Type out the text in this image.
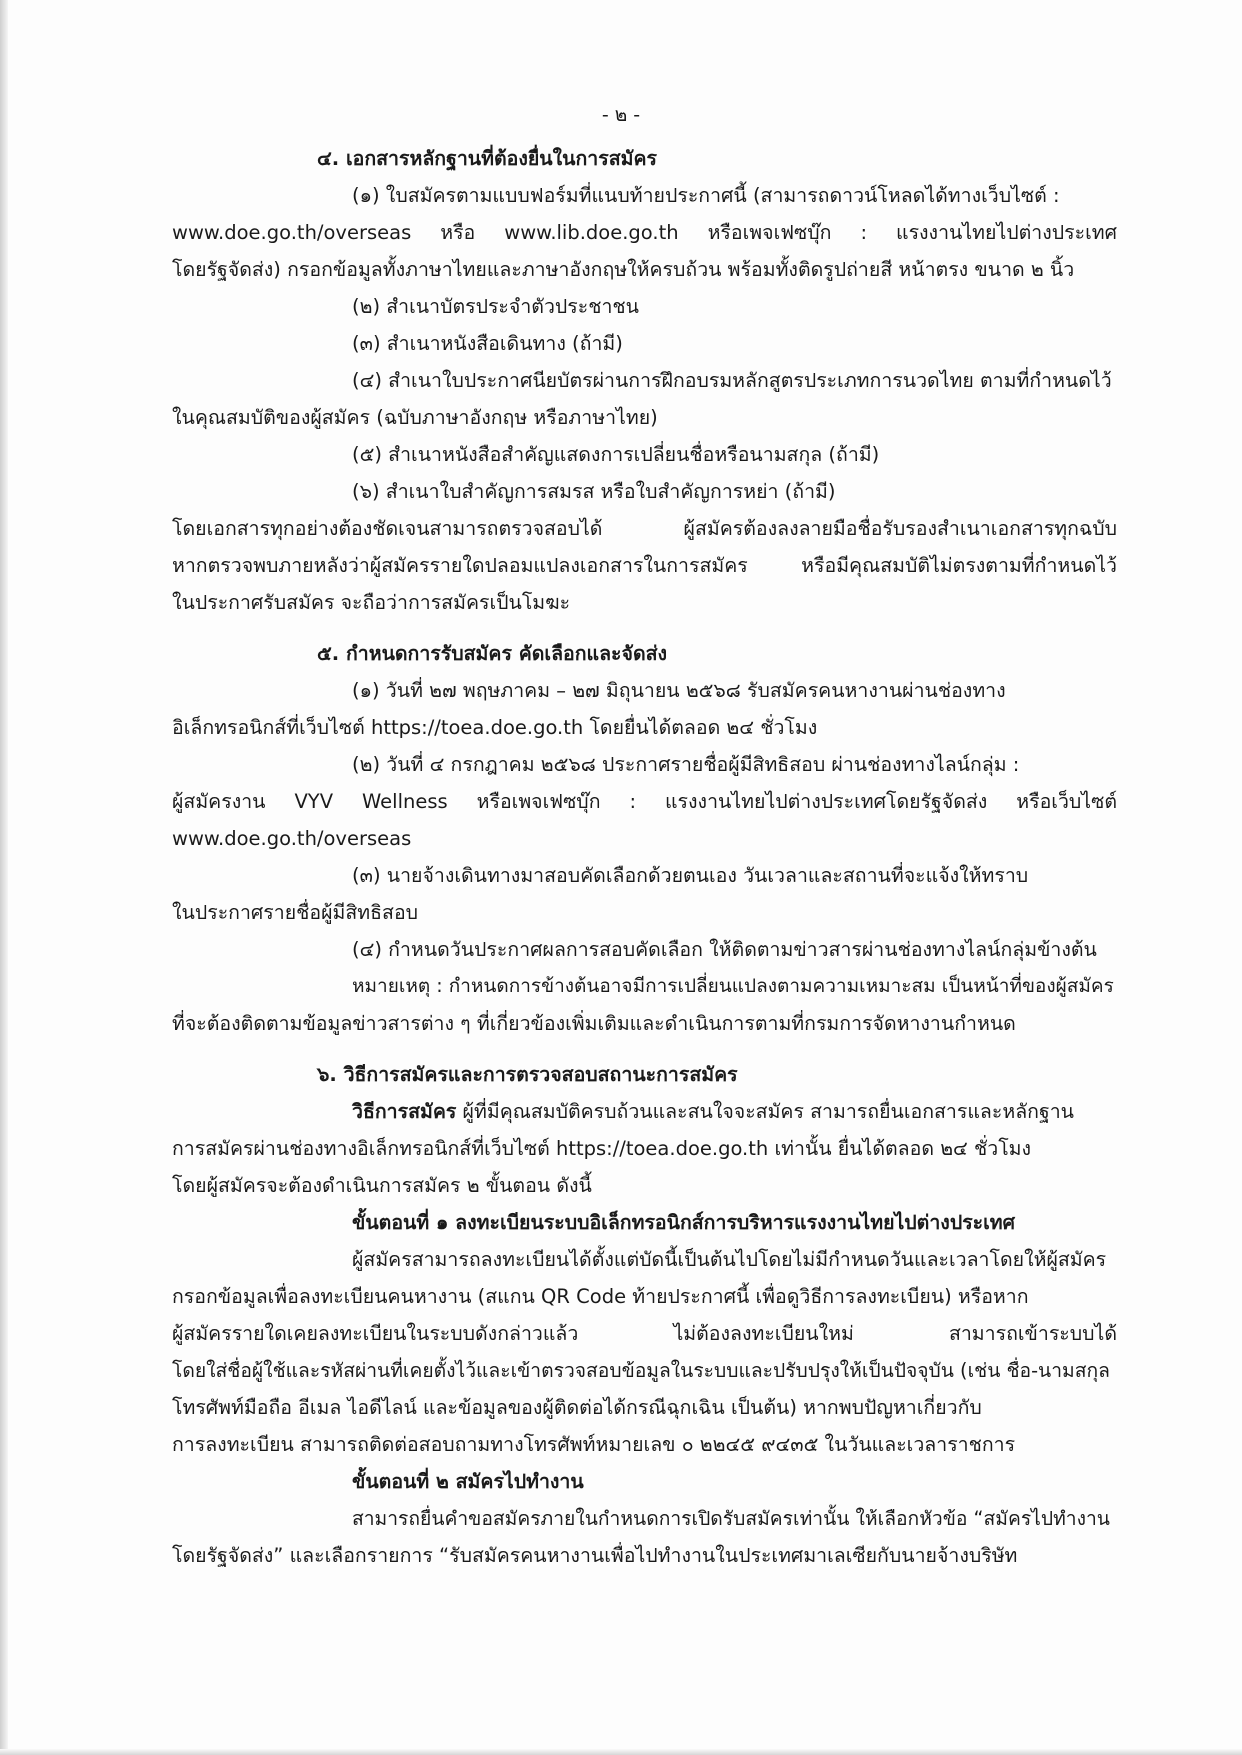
- ๒ -
๔. เอกสารหลักฐานที่ต้องยื่นในการสมัคร
(๑) ใบสมัครตามแบบฟอร์มที่แนบท้ายประกาศนี้ (สามารถดาวน์โหลดได้ทางเว็บไซต์ :
www.doe.go.th/overseas หรือ www.lib.doe.go.th หรือเพจเฟซบุ๊ก : แรงงานไทยไปต่างประเทศ
โดยรัฐจัดส่ง) กรอกข้อมูลทั้งภาษาไทยและภาษาอังกฤษให้ครบถ้วน พร้อมทั้งติดรูปถ่ายสี หน้าตรง ขนาด ๒ นิ้ว
(๒) สำเนาบัตรประจำตัวประชาชน
(๓) สำเนาหนังสือเดินทาง (ถ้ามี)
(๔) สำเนาใบประกาศนียบัตรผ่านการฝึกอบรมหลักสูตรประเภทการนวดไทย ตามที่กำหนดไว้
ในคุณสมบัติของผู้สมัคร (ฉบับภาษาอังกฤษ หรือภาษาไทย)
(๕) สำเนาหนังสือสำคัญแสดงการเปลี่ยนชื่อหรือนามสกุล (ถ้ามี)
(๖) สำเนาใบสำคัญการสมรส หรือใบสำคัญการหย่า (ถ้ามี)
โดยเอกสารทุกอย่างต้องชัดเจนสามารถตรวจสอบได้ ผู้สมัครต้องลงลายมือชื่อรับรองสำเนาเอกสารทุกฉบับ
หากตรวจพบภายหลังว่าผู้สมัครรายใดปลอมแปลงเอกสารในการสมัคร หรือมีคุณสมบัติไม่ตรงตามที่กำหนดไว้
ในประกาศรับสมัคร จะถือว่าการสมัครเป็นโมฆะ
๕. กำหนดการรับสมัคร คัดเลือกและจัดส่ง
(๑) วันที่ ๒๗ พฤษภาคม – ๒๗ มิถุนายน ๒๕๖๘ รับสมัครคนหางานผ่านช่องทาง
อิเล็กทรอนิกส์ที่เว็บไซต์ https://toea.doe.go.th โดยยื่นได้ตลอด ๒๔ ชั่วโมง
(๒) วันที่ ๔ กรกฎาคม ๒๕๖๘ ประกาศรายชื่อผู้มีสิทธิสอบ ผ่านช่องทางไลน์กลุ่ม :
ผู้สมัครงาน VYV Wellness หรือเพจเฟซบุ๊ก : แรงงานไทยไปต่างประเทศโดยรัฐจัดส่ง หรือเว็บไซต์
www.doe.go.th/overseas
(๓) นายจ้างเดินทางมาสอบคัดเลือกด้วยตนเอง วันเวลาและสถานที่จะแจ้งให้ทราบ
ในประกาศรายชื่อผู้มีสิทธิสอบ
(๔) กำหนดวันประกาศผลการสอบคัดเลือก ให้ติดตามข่าวสารผ่านช่องทางไลน์กลุ่มข้างต้น
หมายเหตุ : กำหนดการข้างต้นอาจมีการเปลี่ยนแปลงตามความเหมาะสม เป็นหน้าที่ของผู้สมัคร
ที่จะต้องติดตามข้อมูลข่าวสารต่าง ๆ ที่เกี่ยวข้องเพิ่มเติมและดำเนินการตามที่กรมการจัดหางานกำหนด
๖. วิธีการสมัครและการตรวจสอบสถานะการสมัคร
วิธีการสมัคร ผู้ที่มีคุณสมบัติครบถ้วนและสนใจจะสมัคร สามารถยื่นเอกสารและหลักฐาน
การสมัครผ่านช่องทางอิเล็กทรอนิกส์ที่เว็บไซต์ https://toea.doe.go.th เท่านั้น ยื่นได้ตลอด ๒๔ ชั่วโมง
โดยผู้สมัครจะต้องดำเนินการสมัคร ๒ ขั้นตอน ดังนี้
ขั้นตอนที่ ๑ ลงทะเบียนระบบอิเล็กทรอนิกส์การบริหารแรงงานไทยไปต่างประเทศ
ผู้สมัครสามารถลงทะเบียนได้ตั้งแต่บัดนี้เป็นต้นไปโดยไม่มีกำหนดวันและเวลาโดยให้ผู้สมัคร
กรอกข้อมูลเพื่อลงทะเบียนคนหางาน (สแกน QR Code ท้ายประกาศนี้ เพื่อดูวิธีการลงทะเบียน) หรือหาก
ผู้สมัครรายใดเคยลงทะเบียนในระบบดังกล่าวแล้ว ไม่ต้องลงทะเบียนใหม่ สามารถเข้าระบบได้
โดยใส่ชื่อผู้ใช้และรหัสผ่านที่เคยตั้งไว้และเข้าตรวจสอบข้อมูลในระบบและปรับปรุงให้เป็นปัจจุบัน (เช่น ชื่อ-นามสกุล
โทรศัพท์มือถือ อีเมล ไอดีไลน์ และข้อมูลของผู้ติดต่อได้กรณีฉุกเฉิน เป็นต้น) หากพบปัญหาเกี่ยวกับ
การลงทะเบียน สามารถติดต่อสอบถามทางโทรศัพท์หมายเลข ๐ ๒๒๔๕ ๙๔๓๕ ในวันและเวลาราชการ
ขั้นตอนที่ ๒ สมัครไปทำงาน
สามารถยื่นคำขอสมัครภายในกำหนดการเปิดรับสมัครเท่านั้น ให้เลือกหัวข้อ “สมัครไปทำงาน
โดยรัฐจัดส่ง” และเลือกรายการ “รับสมัครคนหางานเพื่อไปทำงานในประเทศมาเลเซียกับนายจ้างบริษัท
